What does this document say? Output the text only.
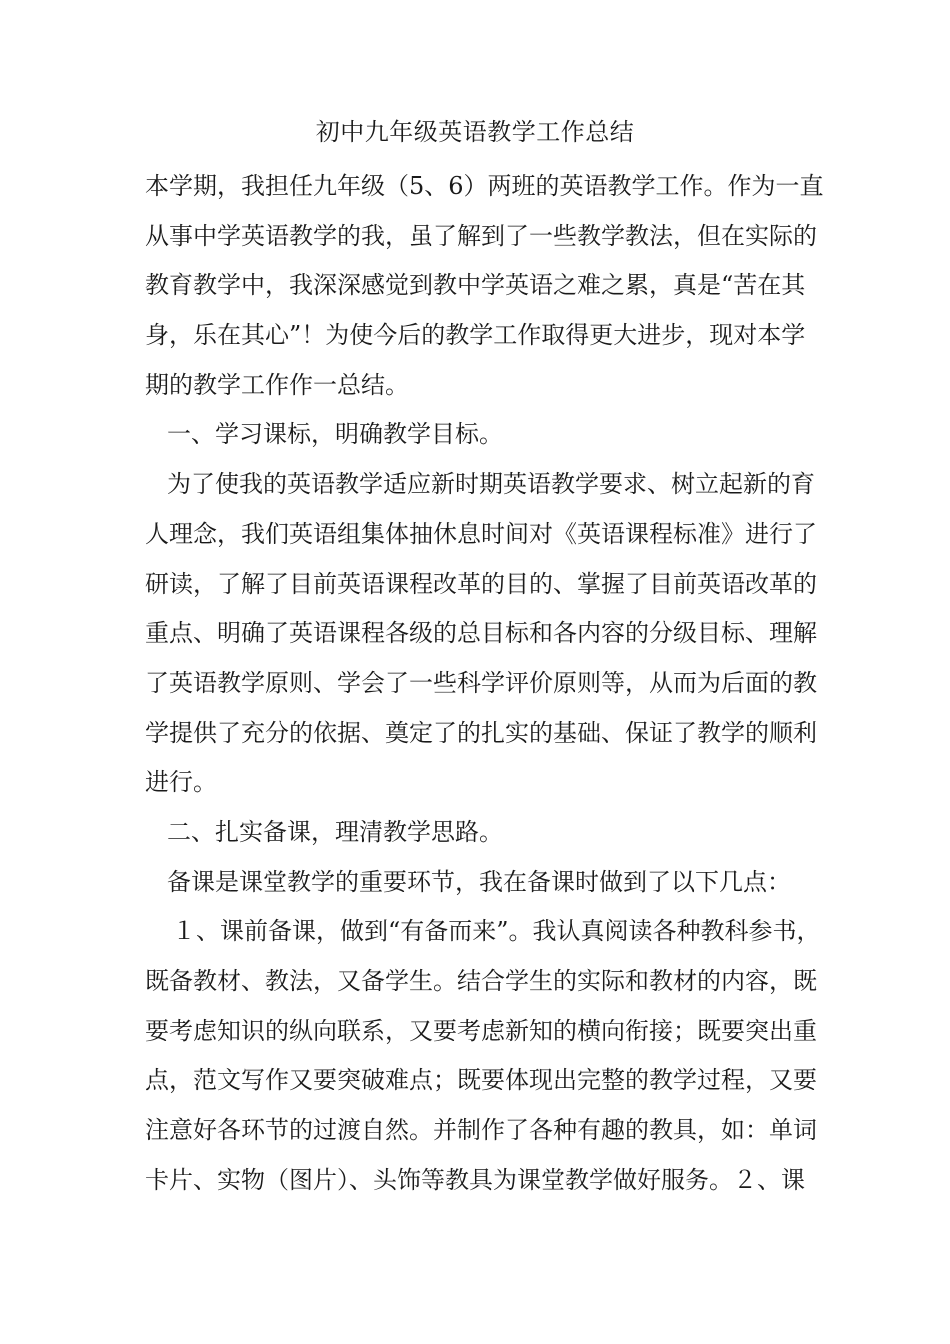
初中九年级英语教学工作总结
本学期，我担任九年级（5、6）两班的英语教学工作。作为一直
从事中学英语教学的我，虽了解到了一些教学教法，但在实际的
教育教学中，我深深感觉到教中学英语之难之累，真是“苦在其
身，乐在其心”！为使今后的教学工作取得更大进步，现对本学
期的教学工作作一总结。
一、学习课标，明确教学目标。
为了使我的英语教学适应新时期英语教学要求、树立起新的育
人理念，我们英语组集体抽休息时间对《英语课程标准》进行了
研读，了解了目前英语课程改革的目的、掌握了目前英语改革的
重点、明确了英语课程各级的总目标和各内容的分级目标、理解
了英语教学原则、学会了一些科学评价原则等，从而为后面的教
学提供了充分的依据、奠定了的扎实的基础、保证了教学的顺利
进行。
二、扎实备课，理清教学思路。
备课是课堂教学的重要环节，我在备课时做到了以下几点：
１、课前备课，做到“有备而来”。我认真阅读各种教科参书，
既备教材、教法，又备学生。结合学生的实际和教材的内容，既
要考虑知识的纵向联系，又要考虑新知的横向衔接；既要突出重
点，范文写作又要突破难点；既要体现出完整的教学过程，又要
注意好各环节的过渡自然。并制作了各种有趣的教具，如：单词
卡片、实物（图片）、头饰等教具为课堂教学做好服务。２、课
